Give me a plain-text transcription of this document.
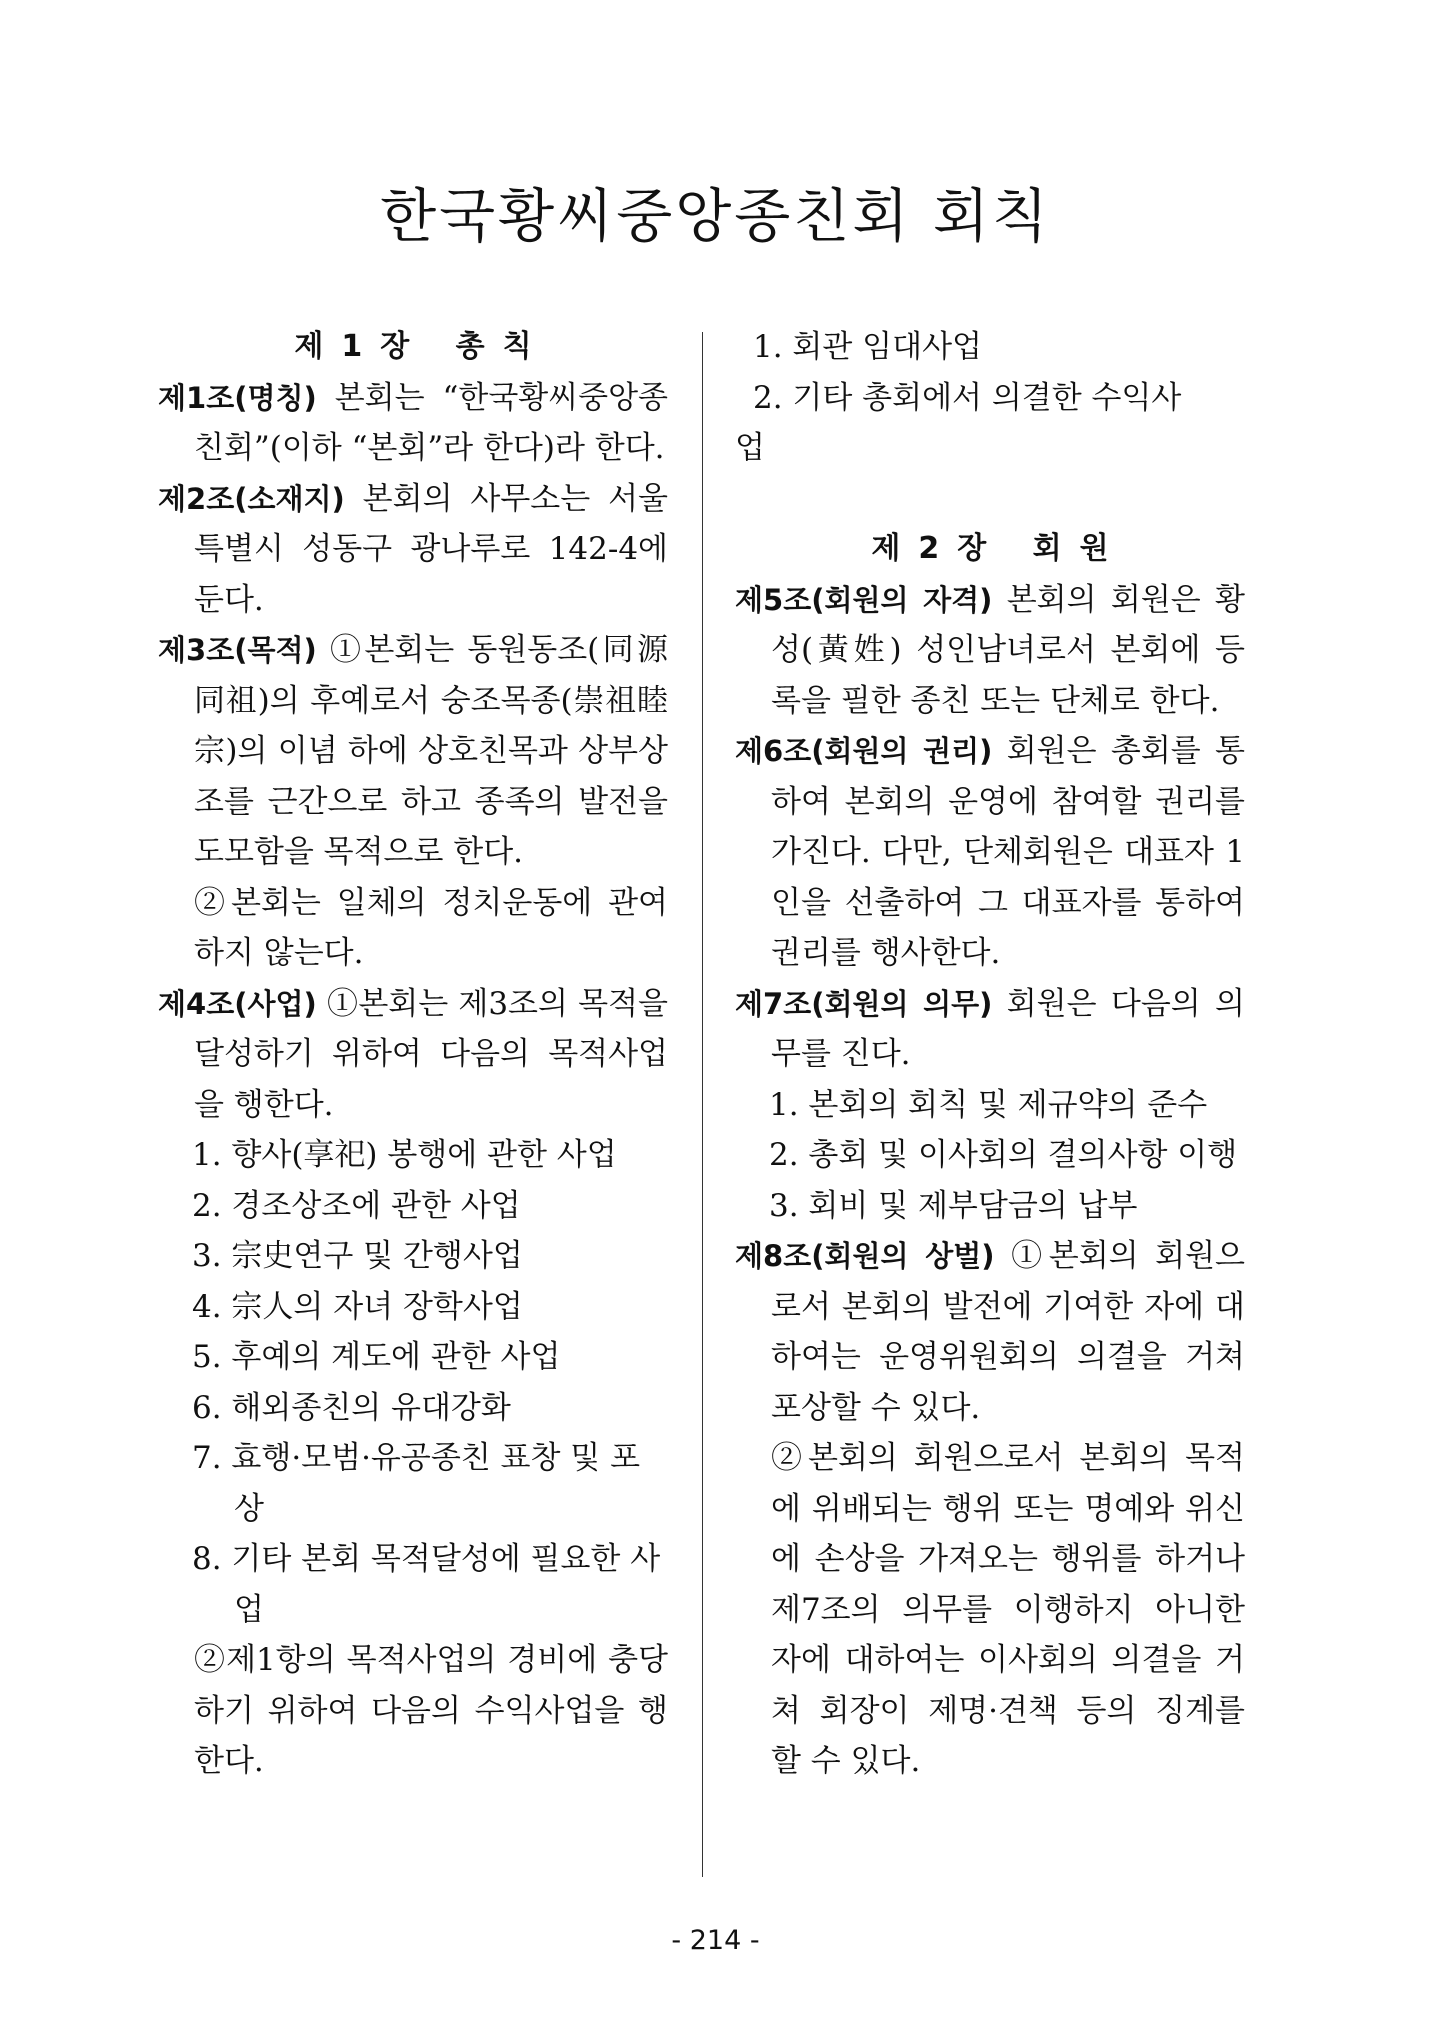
한국황씨중앙종친회 회칙
제1장 총칙
제1조(명칭) 본회는 “한국황씨중앙종친회”(이하 “본회”라 한다)라 한다.
제2조(소재지) 본회의 사무소는 서울특별시 성동구 광나루로 142-4에 둔다.
제3조(목적) ①본회는 동원동조(同源同祖)의 후예로서 숭조목종(崇祖睦宗)의 이념 하에 상호친목과 상부상조를 근간으로 하고 종족의 발전을 도모함을 목적으로 한다.
②본회는 일체의 정치운동에 관여하지 않는다.
제4조(사업) ①본회는 제3조의 목적을 달성하기 위하여 다음의 목적사업을 행한다.
1. 향사(享祀) 봉행에 관한 사업
2. 경조상조에 관한 사업
3. 宗史연구 및 간행사업
4. 宗人의 자녀 장학사업
5. 후예의 계도에 관한 사업
6. 해외종친의 유대강화
7. 효행·모범·유공종친 표창 및 포상
8. 기타 본회 목적달성에 필요한 사업
②제1항의 목적사업의 경비에 충당하기 위하여 다음의 수익사업을 행한다.
1. 회관 임대사업
2. 기타 총회에서 의결한 수익사
업
제2장 회원
제5조(회원의 자격) 본회의 회원은 황성(黃姓) 성인남녀로서 본회에 등록을 필한 종친 또는 단체로 한다.
제6조(회원의 권리) 회원은 총회를 통하여 본회의 운영에 참여할 권리를 가진다. 다만, 단체회원은 대표자 1인을 선출하여 그 대표자를 통하여 권리를 행사한다.
제7조(회원의 의무) 회원은 다음의 의무를 진다.
1. 본회의 회칙 및 제규약의 준수
2. 총회 및 이사회의 결의사항 이행
3. 회비 및 제부담금의 납부
제8조(회원의 상벌) ①본회의 회원으로서 본회의 발전에 기여한 자에 대하여는 운영위원회의 의결을 거쳐 포상할 수 있다.
②본회의 회원으로서 본회의 목적에 위배되는 행위 또는 명예와 위신에 손상을 가져오는 행위를 하거나 제7조의 의무를 이행하지 아니한 자에 대하여는 이사회의 의결을 거쳐 회장이 제명·견책 등의 징계를 할 수 있다.
- 214 -
